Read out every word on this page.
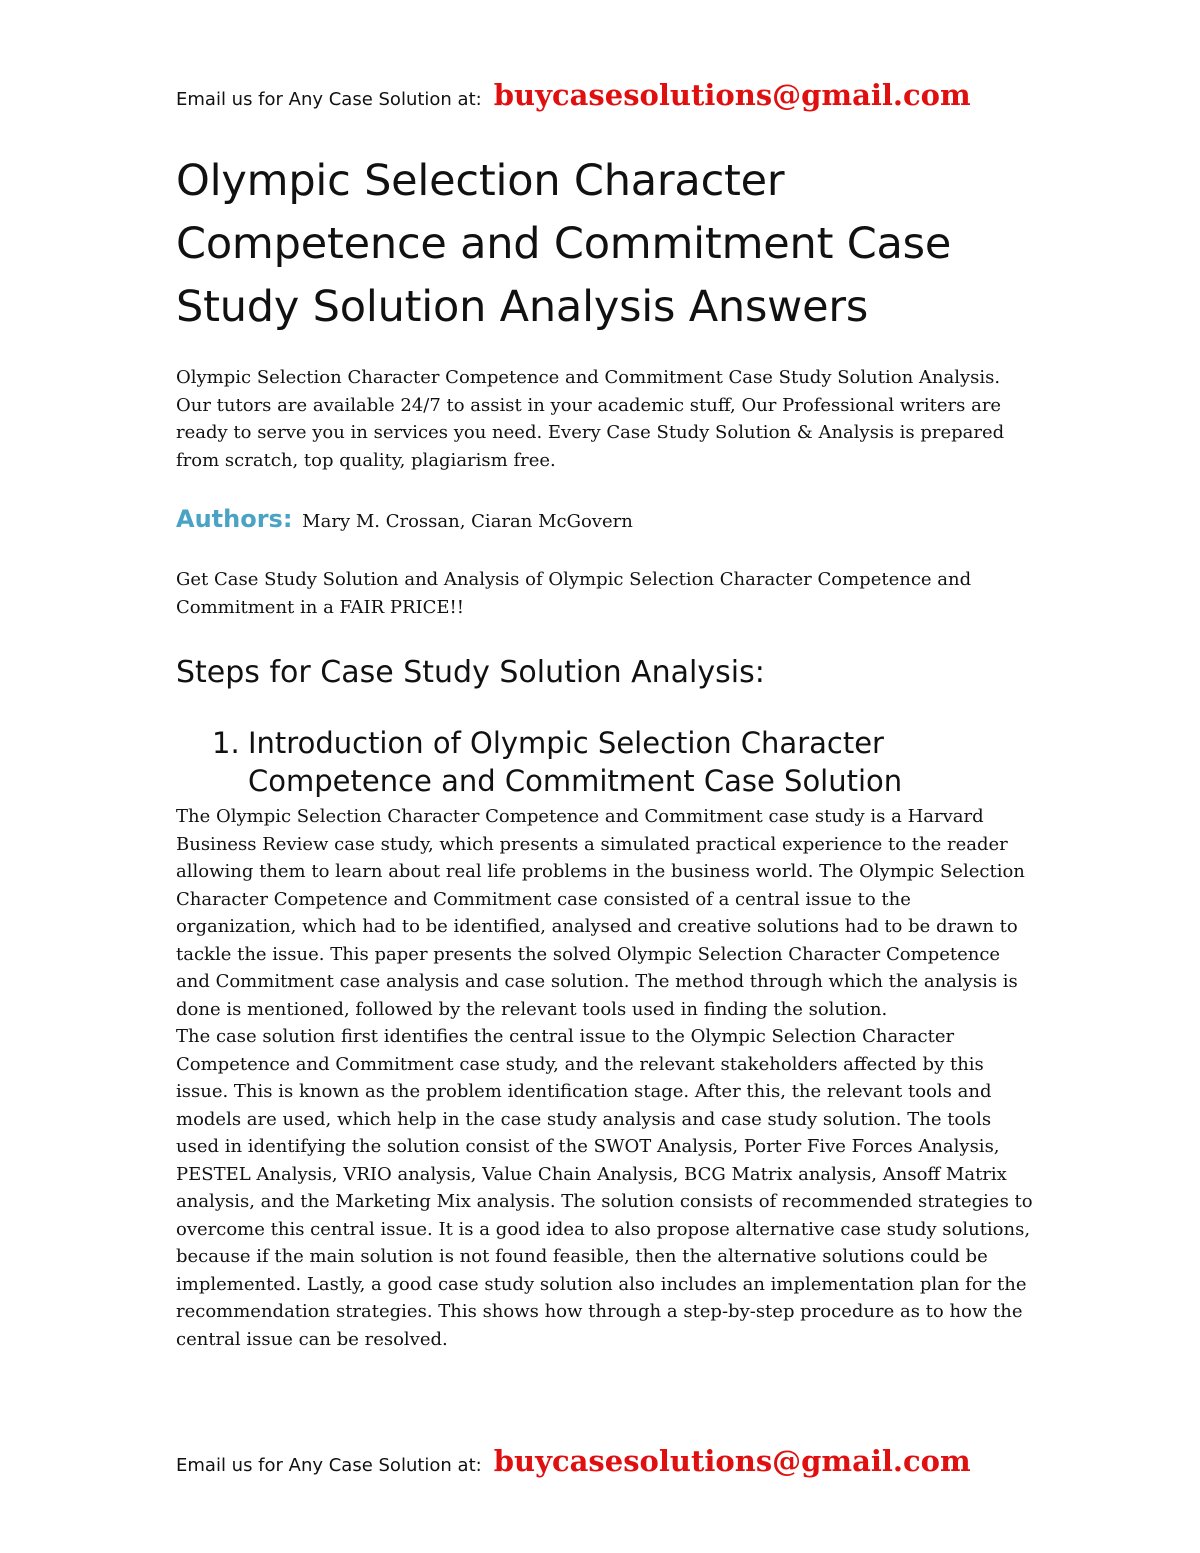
Email us for Any Case Solution at: buycasesolutions@gmail.com
Olympic Selection Character Competence and Commitment Case Study Solution Analysis Answers

Olympic Selection Character Competence and Commitment Case Study Solution Analysis. Our tutors are available 24/7 to assist in your academic stuff, Our Professional writers are ready to serve you in services you need. Every Case Study Solution & Analysis is prepared from scratch, top quality, plagiarism free.

Authors: Mary M. Crossan, Ciaran McGovern

Get Case Study Solution and Analysis of Olympic Selection Character Competence and Commitment in a FAIR PRICE!!

Steps for Case Study Solution Analysis:
1. Introduction of Olympic Selection Character
Competence and Commitment Case Solution

The Olympic Selection Character Competence and Commitment case study is a Harvard Business Review case study, which presents a simulated practical experience to the reader allowing them to learn about real life problems in the business world. The Olympic Selection Character Competence and Commitment case consisted of a central issue to the organization, which had to be identified, analysed and creative solutions had to be drawn to tackle the issue. This paper presents the solved Olympic Selection Character Competence and Commitment case analysis and case solution. The method through which the analysis is done is mentioned, followed by the relevant tools used in finding the solution.

The case solution first identifies the central issue to the Olympic Selection Character Competence and Commitment case study, and the relevant stakeholders affected by this issue. This is known as the problem identification stage. After this, the relevant tools and models are used, which help in the case study analysis and case study solution. The tools used in identifying the solution consist of the SWOT Analysis, Porter Five Forces Analysis, PESTEL Analysis, VRIO analysis, Value Chain Analysis, BCG Matrix analysis, Ansoff Matrix analysis, and the Marketing Mix analysis. The solution consists of recommended strategies to overcome this central issue. It is a good idea to also propose alternative case study solutions, because if the main solution is not found feasible, then the alternative solutions could be implemented. Lastly, a good case study solution also includes an implementation plan for the recommendation strategies. This shows how through a step-by-step procedure as to how the central issue can be resolved.

Email us for Any Case Solution at: buycasesolutions@gmail.com
